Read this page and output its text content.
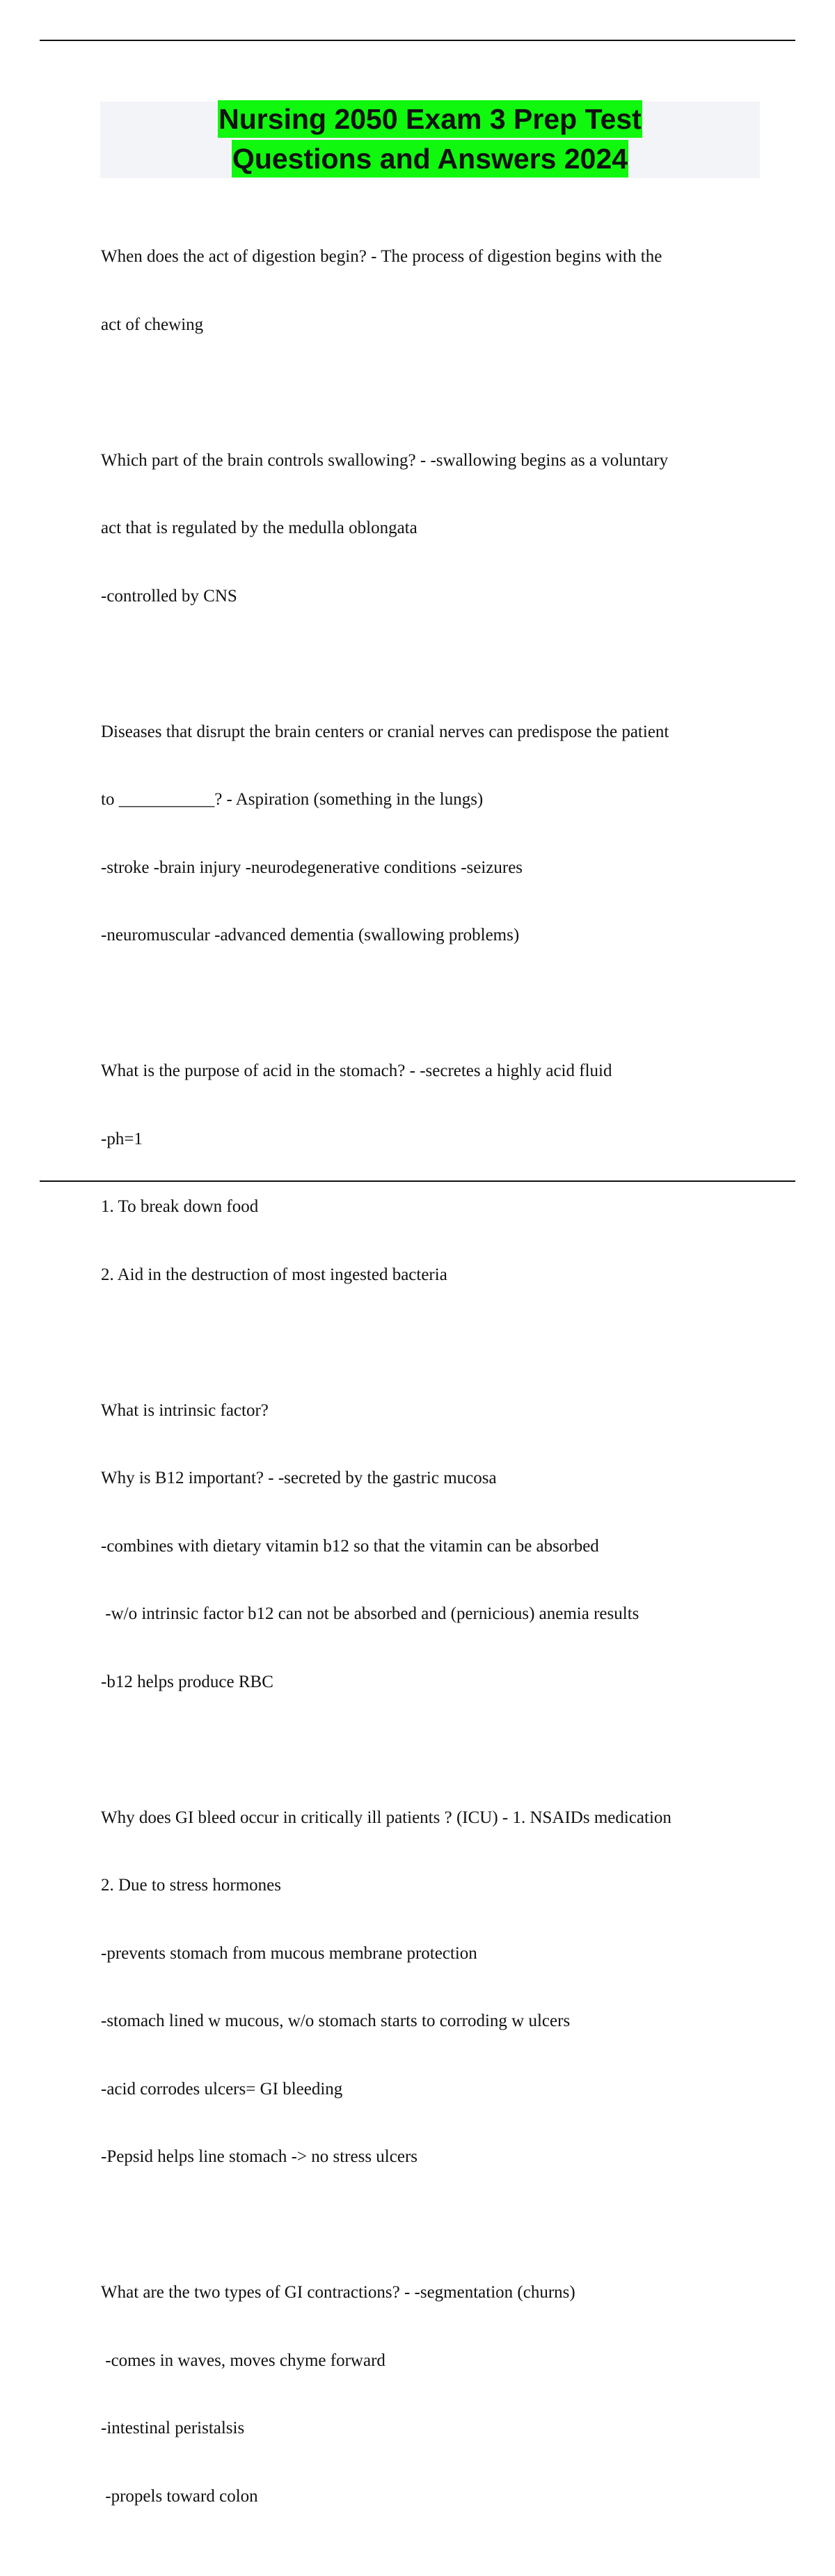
Nursing 2050 Exam 3 Prep Test
Questions and Answers 2024

When does the act of digestion begin? - The process of digestion begins with the

act of chewing

Which part of the brain controls swallowing? - -swallowing begins as a voluntary

act that is regulated by the medulla oblongata

-controlled by CNS

Diseases that disrupt the brain centers or cranial nerves can predispose the patient

to ___________? - Aspiration (something in the lungs)

-stroke -brain injury -neurodegenerative conditions -seizures

-neuromuscular -advanced dementia (swallowing problems)

What is the purpose of acid in the stomach? - -secretes a highly acid fluid

-ph=1

1. To break down food

2. Aid in the destruction of most ingested bacteria

What is intrinsic factor?

Why is B12 important? - -secreted by the gastric mucosa

-combines with dietary vitamin b12 so that the vitamin can be absorbed

-w/o intrinsic factor b12 can not be absorbed and (pernicious) anemia results

-b12 helps produce RBC

Why does GI bleed occur in critically ill patients ? (ICU) - 1. NSAIDs medication

2. Due to stress hormones

-prevents stomach from mucous membrane protection

-stomach lined w mucous, w/o stomach starts to corroding w ulcers

-acid corrodes ulcers= GI bleeding

-Pepsid helps line stomach -> no stress ulcers

What are the two types of GI contractions? - -segmentation (churns)

-comes in waves, moves chyme forward

-intestinal peristalsis

-propels toward colon
